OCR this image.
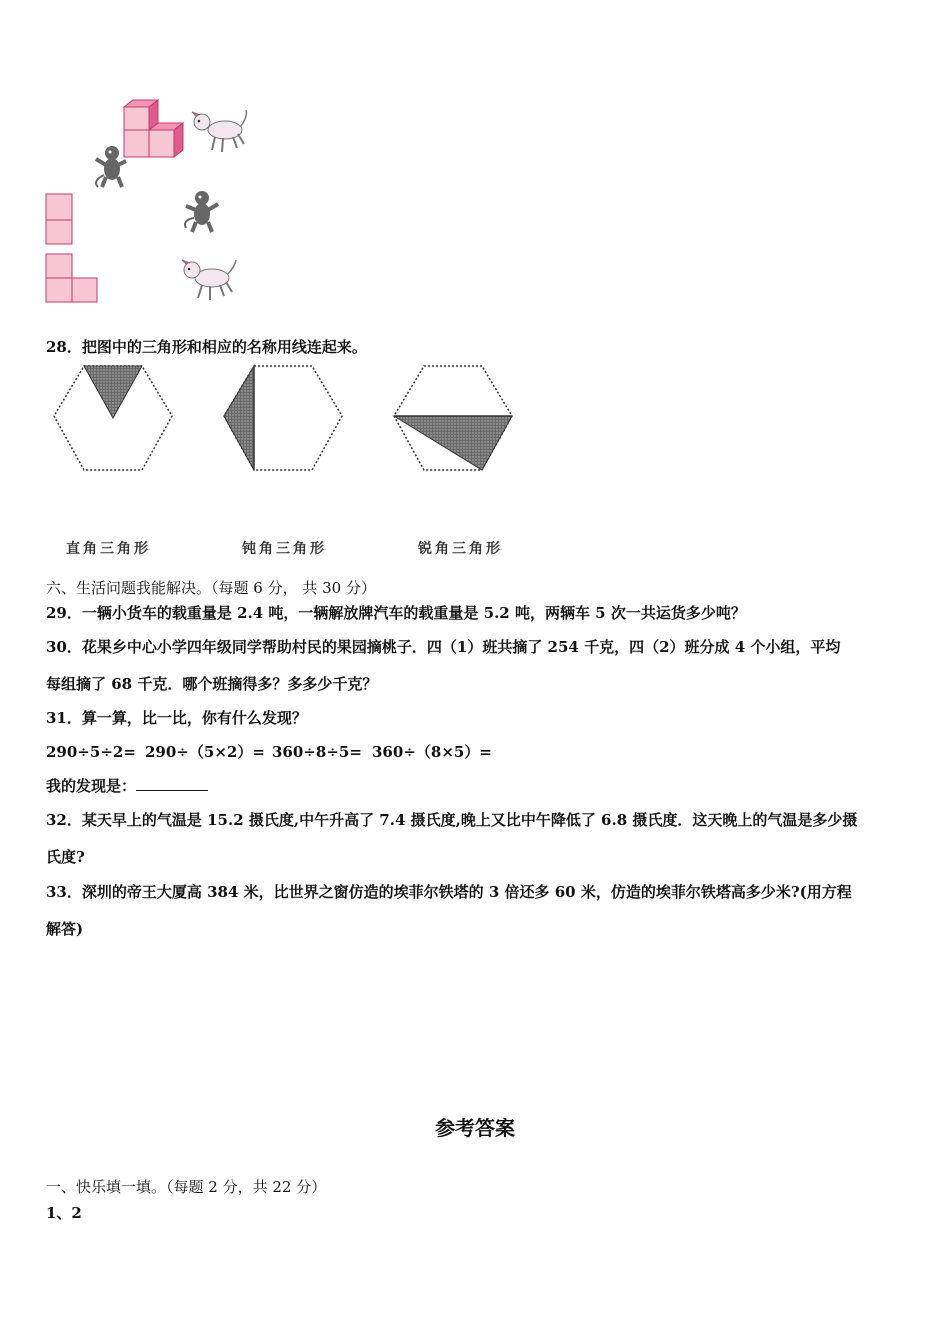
28．把图中的三角形和相应的名称用线连起来。
直角三角形	钝角三角形	锐角三角形
六、生活问题我能解决。（每题 6 分， 共 30 分）
29．一辆小货车的载重量是 2.4 吨，一辆解放牌汽车的载重量是 5.2 吨，两辆车 5 次一共运货多少吨？
30．花果乡中心小学四年级同学帮助村民的果园摘桃子．四（1）班共摘了 254 千克，四（2）班分成 4 个小组，平均
每组摘了 68 千克．哪个班摘得多？多多少千克？
31．算一算，比一比，你有什么发现？
290÷5÷2= 290÷（5×2）= 360÷8÷5= 360÷（8×5）=
我的发现是：
32．某天早上的气温是 15.2 摄氏度,中午升高了 7.4 摄氏度,晚上又比中午降低了 6.8 摄氏度．这天晚上的气温是多少摄
氏度?
33．深圳的帝王大厦高 384 米，比世界之窗仿造的埃菲尔铁塔的 3 倍还多 60 米，仿造的埃菲尔铁塔高多少米?(用方程
解答)
参考答案
一、快乐填一填。（每题 2 分，共 22 分）
1、2
